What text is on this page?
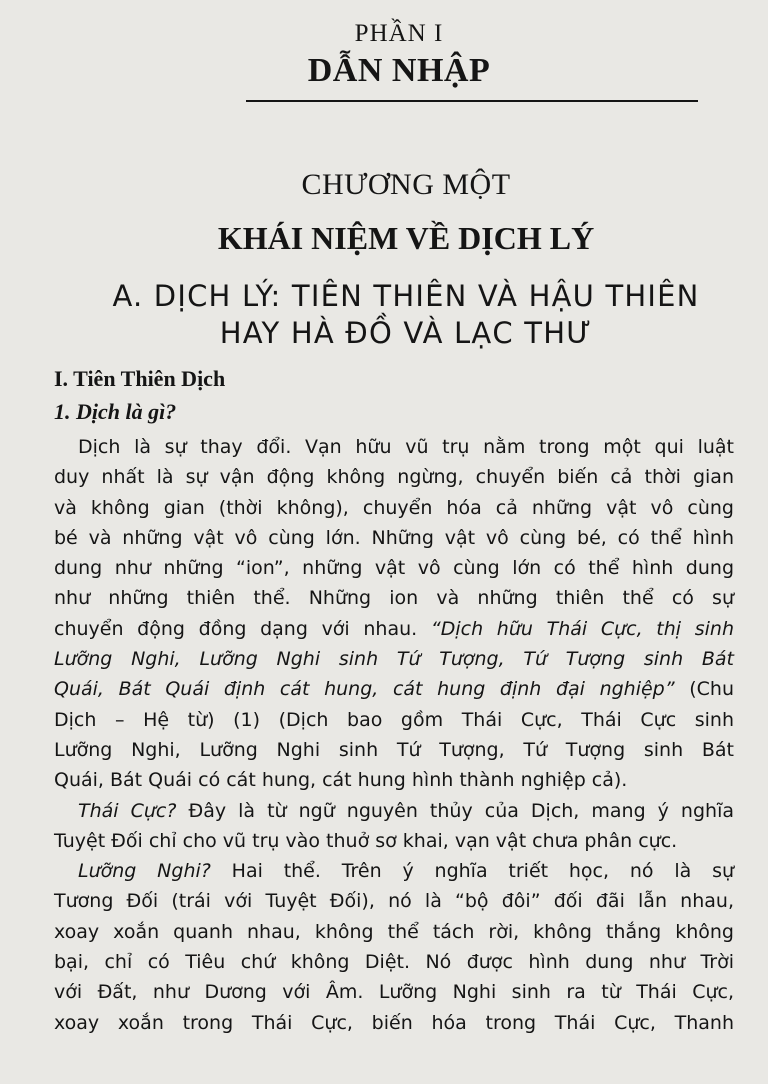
PHẦN I
DẪN NHẬP
CHƯƠNG MỘT
KHÁI NIỆM VỀ DỊCH LÝ
A. DỊCH LÝ: TIÊN THIÊN VÀ HẬU THIÊN
HAY HÀ ĐỒ VÀ LẠC THƯ
I. Tiên Thiên Dịch
1. Dịch là gì?
Dịch là sự thay đổi. Vạn hữu vũ trụ nằm trong một qui luật
duy nhất là sự vận động không ngừng, chuyển biến cả thời gian
và không gian (thời không), chuyển hóa cả những vật vô cùng
bé và những vật vô cùng lớn. Những vật vô cùng bé, có thể hình
dung như những “ion”, những vật vô cùng lớn có thể hình dung
như những thiên thể. Những ion và những thiên thể có sự
chuyển động đồng dạng với nhau. “Dịch hữu Thái Cực, thị sinh
Lưỡng Nghi, Lưỡng Nghi sinh Tứ Tượng, Tứ Tượng sinh Bát
Quái, Bát Quái định cát hung, cát hung định đại nghiệp” (Chu
Dịch – Hệ từ) (1) (Dịch bao gồm Thái Cực, Thái Cực sinh
Lưỡng Nghi, Lưỡng Nghi sinh Tứ Tượng, Tứ Tượng sinh Bát
Quái, Bát Quái có cát hung, cát hung hình thành nghiệp cả).
Thái Cực? Đây là từ ngữ nguyên thủy của Dịch, mang ý nghĩa
Tuyệt Đối chỉ cho vũ trụ vào thuở sơ khai, vạn vật chưa phân cực.
Lưỡng Nghi? Hai thể. Trên ý nghĩa triết học, nó là sự
Tương Đối (trái với Tuyệt Đối), nó là “bộ đôi” đối đãi lẫn nhau,
xoay xoắn quanh nhau, không thể tách rời, không thắng không
bại, chỉ có Tiêu chứ không Diệt. Nó được hình dung như Trời
với Đất, như Dương với Âm. Lưỡng Nghi sinh ra từ Thái Cực,
xoay xoắn trong Thái Cực, biến hóa trong Thái Cực, Thanh
